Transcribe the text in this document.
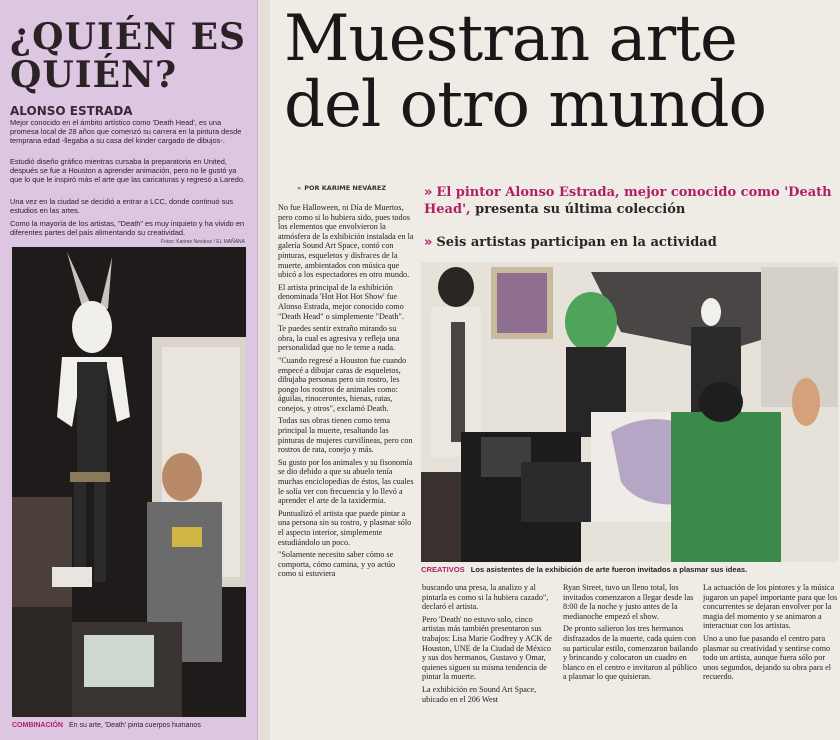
¿QUIÉN ES QUIÉN?
ALONSO ESTRADA

Mejor conocido en el ámbito artístico como 'Death Head', es una promesa local de 28 años que comenzó su carrera en la pintura desde temprana edad -llegaba a su casa del kinder cargado de dibujos-.

Estudió diseño gráfico mientras cursaba la preparatoria en United, después se fue a Houston a aprender animación, pero no le gustó ya que lo que le inspiró más el arte que las caricaturas y regresó a Laredo.

Una vez en la ciudad se decidió a entrar a LCC, donde continuó sus estudios en las artes.

Como la mayoría de los artistas, "Death" es muy inquieto y ha vivido en diferentes partes del país alimentando su creatividad.

Fotos: Karime Nevárez / EL MAÑANA
COMBINACIÓN En su arte, 'Death' pinta cuerpos humanos
Muestran arte del otro mundo
» POR KARIME NEVÁREZ	» El pintor Alonso Estrada, mejor conocido como 'Death Head', presenta su última colección
» Seis artistas participan en la actividad

No fue Halloween, ni Día de Muertos, pero como si lo hubiera sido, pues todos los elementos que envolvieron la atmósfera de la exhibición instalada en la galería Sound Art Space, contó con pinturas, esqueletos y disfraces de la muerte, ambientados con música que ubicó a los espectadores en otro mundo.

El artista principal de la exhibición denominada 'Hot Hot Hot Show' fue Alonso Estrada, mejor conocido como "Death Head" o simplemente "Death".

Te puedes sentir extraño mirando su obra, la cual es agresiva y refleja una personalidad que no le teme a nada.

"Cuando regresé a Houston fue cuando empecé a dibujar caras de esqueletos, dibujaba personas pero sin rostro, les pongo los rostros de animales como: águilas, rinocerontes, hienas, ratas, conejos, y otros", exclamó Death.

Todas sus obras tienen como tema principal la muerte, resaltando las pinturas de mujeres curvilíneas, pero con rostros de rata, conejo y más.

Su gusto por los animales y su fisonomía se dio debido a que su abuelo tenía muchas enciclopedias de éstos, las cuales le solía ver con frecuencia y lo llevó a aprender el arte de la taxidermia.

Puntualizó el artista que puede pintar a una persona sin su rostro, y plasmar sólo el aspecto interior, simplemente estudiándolo un poco.

"Solamente necesito saber cómo se comporta, cómo camina, y yo actúo como si estuviera	CREATIVOS Los asistentes de la exhibición de arte fueron invitados a plasmar sus ideas.

buscando una presa, la analizo y al pintarla es como si la hubiera cazado", declaró el artista.

Pero 'Death' no estuvo solo, cinco artistas más también presentaron sus trabajos: Lisa Marie Godfrey y ACK de Houston, UNE de la Ciudad de México y sus dos hermanos, Gustavo y Omar, quienes siguen su misma tendencia de pintar la muerte.

La exhibición en Sound Art Space, ubicado en el 206 West

Ryan Street, tuvo un lleno total, los invitados comenzaron a llegar desde las 8:00 de la noche y justo antes de la medianoche empezó el show.

De pronto salieron los tres hermanos disfrazados de la muerte, cada quien con su particular estilo, comenzaron bailando y brincando y colocaron un cuadro en blanco en el centro e invitaron al público a plasmar lo que quisieran.

La actuación de los pintores y la música jugaron un papel importante para que los concurrentes se dejaran envolver por la magia del momento y se animaron a interactuar con los artistas.

Uno a uno fue pasando el centro para plasmar su creatividad y sentirse como todo un artista, aunque fuera sólo por unos segundos, dejando su obra para el recuerdo.
